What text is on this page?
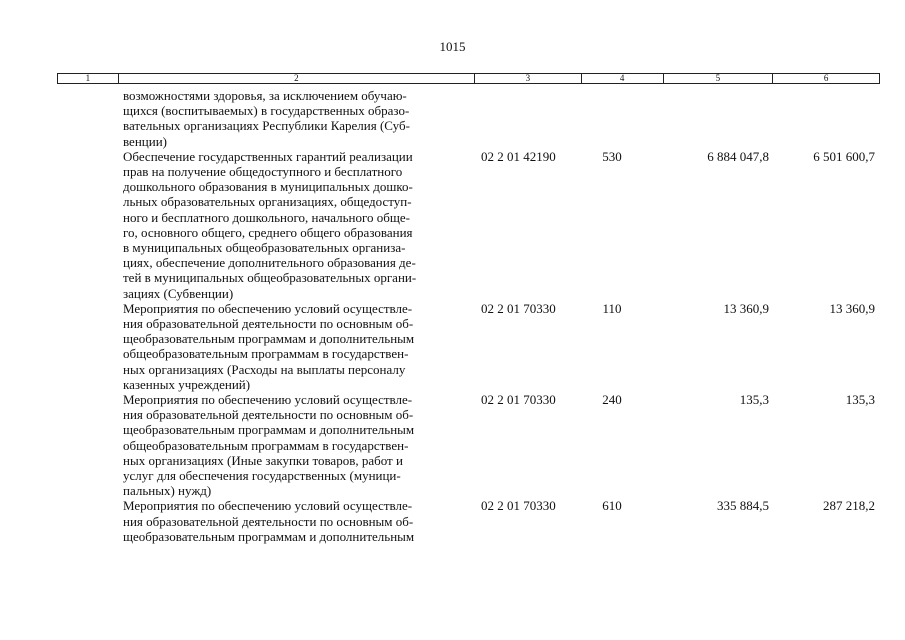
1015
1	2	3	4	5	6
возможностями здоровья, за исключением обучаю-
щихся (воспитываемых) в государственных образо-
вательных организациях Республики Карелия (Суб-
венции)
Обеспечение государственных гарантий реализации
прав на получение общедоступного и бесплатного
дошкольного образования в муниципальных дошко-
льных образовательных организациях, общедоступ-
ного и бесплатного дошкольного, начального обще-
го, основного общего, среднего общего образования
в муниципальных общеобразовательных организа-
циях, обеспечение дополнительного образования де-
тей в муниципальных общеобразовательных органи-
зациях (Субвенции)
02 2 01 42190	530	6 884 047,8	6 501 600,7
Мероприятия по обеспечению условий осуществле-
ния образовательной деятельности по основным об-
щеобразовательным программам и дополнительным
общеобразовательным программам в государствен-
ных организациях (Расходы на выплаты персоналу
казенных учреждений)
02 2 01 70330	110	13 360,9	13 360,9
Мероприятия по обеспечению условий осуществле-
ния образовательной деятельности по основным об-
щеобразовательным программам и дополнительным
общеобразовательным программам в государствен-
ных организациях (Иные закупки товаров, работ и
услуг для обеспечения государственных (муници-
пальных) нужд)
02 2 01 70330	240	135,3	135,3
Мероприятия по обеспечению условий осуществле-
ния образовательной деятельности по основным об-
щеобразовательным программам и дополнительным
02 2 01 70330	610	335 884,5	287 218,2
